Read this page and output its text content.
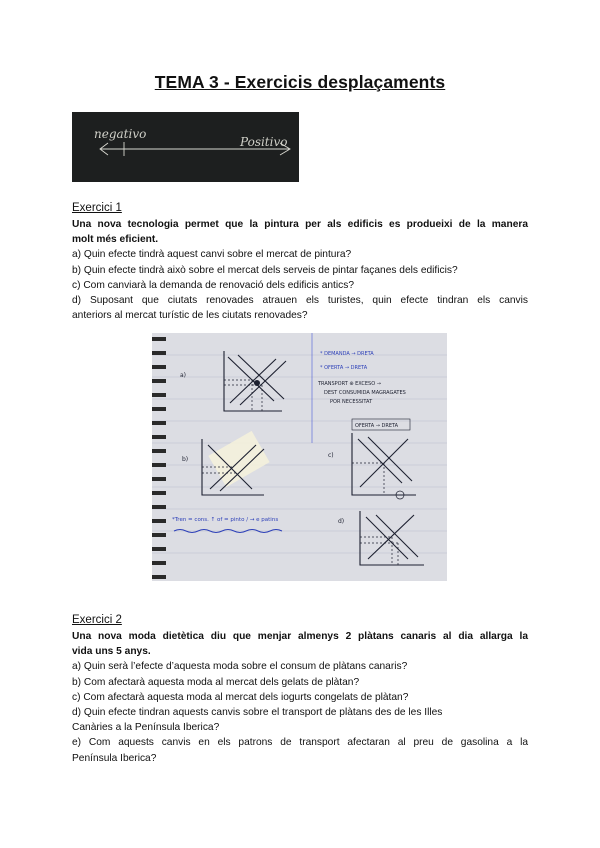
TEMA 3 - Exercicis desplaçaments
negativo
Positivo
Exercici 1
Una nova tecnologia permet que la pintura per als edificis es produeixi de la manera
molt més eficient.
a) Quin efecte tindrà aquest canvi sobre el mercat de pintura?
b) Quin efecte tindrà això sobre el mercat dels serveis de pintar façanes dels edificis?
c) Com canviarà la demanda de renovació dels edificis antics?
d) Suposant que ciutats renovades atrauen els turistes, quin efecte tindran els canvis
anteriors al mercat turístic de les ciutats renovades?
a)
* DEMANDA → DRETA
* OFERTA → DRETA
TRANSPORT ⊕ EXCESO →
DEST CONSUMIDA MAGRAGATES
POR NECESSITAT
OFERTA → DRETA
b)
c)
*Tren = cons. ↑ of = pinto / → e patins	d)
Exercici 2
Una nova moda dietètica diu que menjar almenys 2 plàtans canaris al dia allarga la
vida uns 5 anys.
a) Quin serà l’efecte d’aquesta moda sobre el consum de plàtans canaris?
b) Com afectarà aquesta moda al mercat dels gelats de plàtan?
c) Com afectarà aquesta moda al mercat dels iogurts congelats de plàtan?
d) Quin efecte tindran aquests canvis sobre el transport de plàtans des de les Illes
Canàries a la Península Iberica?
e) Com aquests canvis en els patrons de transport afectaran al preu de gasolina a la
Península Iberica?
